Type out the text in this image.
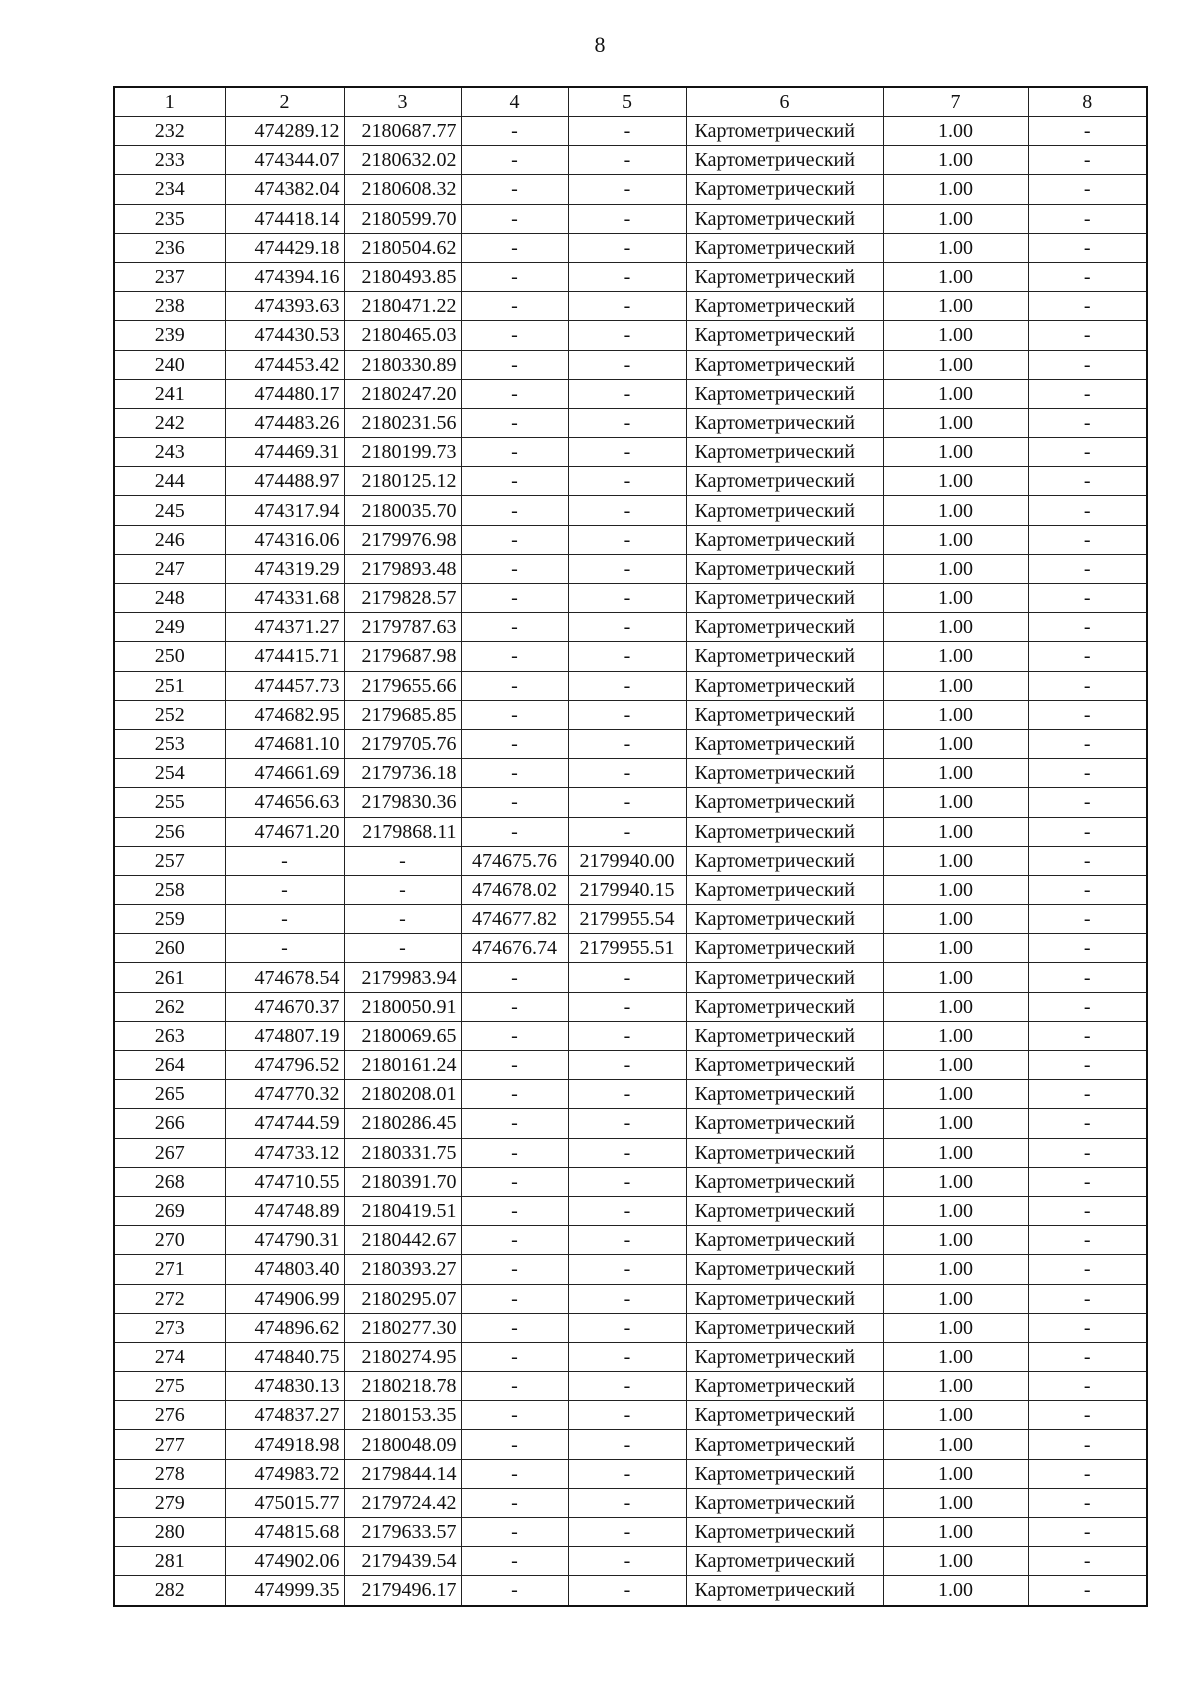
8
1	2	3	4	5	6	7	8
232	474289.12	2180687.77	-	-	Картометрический	1.00	-
233	474344.07	2180632.02	-	-	Картометрический	1.00	-
234	474382.04	2180608.32	-	-	Картометрический	1.00	-
235	474418.14	2180599.70	-	-	Картометрический	1.00	-
236	474429.18	2180504.62	-	-	Картометрический	1.00	-
237	474394.16	2180493.85	-	-	Картометрический	1.00	-
238	474393.63	2180471.22	-	-	Картометрический	1.00	-
239	474430.53	2180465.03	-	-	Картометрический	1.00	-
240	474453.42	2180330.89	-	-	Картометрический	1.00	-
241	474480.17	2180247.20	-	-	Картометрический	1.00	-
242	474483.26	2180231.56	-	-	Картометрический	1.00	-
243	474469.31	2180199.73	-	-	Картометрический	1.00	-
244	474488.97	2180125.12	-	-	Картометрический	1.00	-
245	474317.94	2180035.70	-	-	Картометрический	1.00	-
246	474316.06	2179976.98	-	-	Картометрический	1.00	-
247	474319.29	2179893.48	-	-	Картометрический	1.00	-
248	474331.68	2179828.57	-	-	Картометрический	1.00	-
249	474371.27	2179787.63	-	-	Картометрический	1.00	-
250	474415.71	2179687.98	-	-	Картометрический	1.00	-
251	474457.73	2179655.66	-	-	Картометрический	1.00	-
252	474682.95	2179685.85	-	-	Картометрический	1.00	-
253	474681.10	2179705.76	-	-	Картометрический	1.00	-
254	474661.69	2179736.18	-	-	Картометрический	1.00	-
255	474656.63	2179830.36	-	-	Картометрический	1.00	-
256	474671.20	2179868.11	-	-	Картометрический	1.00	-
257	-	-	474675.76	2179940.00	Картометрический	1.00	-
258	-	-	474678.02	2179940.15	Картометрический	1.00	-
259	-	-	474677.82	2179955.54	Картометрический	1.00	-
260	-	-	474676.74	2179955.51	Картометрический	1.00	-
261	474678.54	2179983.94	-	-	Картометрический	1.00	-
262	474670.37	2180050.91	-	-	Картометрический	1.00	-
263	474807.19	2180069.65	-	-	Картометрический	1.00	-
264	474796.52	2180161.24	-	-	Картометрический	1.00	-
265	474770.32	2180208.01	-	-	Картометрический	1.00	-
266	474744.59	2180286.45	-	-	Картометрический	1.00	-
267	474733.12	2180331.75	-	-	Картометрический	1.00	-
268	474710.55	2180391.70	-	-	Картометрический	1.00	-
269	474748.89	2180419.51	-	-	Картометрический	1.00	-
270	474790.31	2180442.67	-	-	Картометрический	1.00	-
271	474803.40	2180393.27	-	-	Картометрический	1.00	-
272	474906.99	2180295.07	-	-	Картометрический	1.00	-
273	474896.62	2180277.30	-	-	Картометрический	1.00	-
274	474840.75	2180274.95	-	-	Картометрический	1.00	-
275	474830.13	2180218.78	-	-	Картометрический	1.00	-
276	474837.27	2180153.35	-	-	Картометрический	1.00	-
277	474918.98	2180048.09	-	-	Картометрический	1.00	-
278	474983.72	2179844.14	-	-	Картометрический	1.00	-
279	475015.77	2179724.42	-	-	Картометрический	1.00	-
280	474815.68	2179633.57	-	-	Картометрический	1.00	-
281	474902.06	2179439.54	-	-	Картометрический	1.00	-
282	474999.35	2179496.17	-	-	Картометрический	1.00	-
